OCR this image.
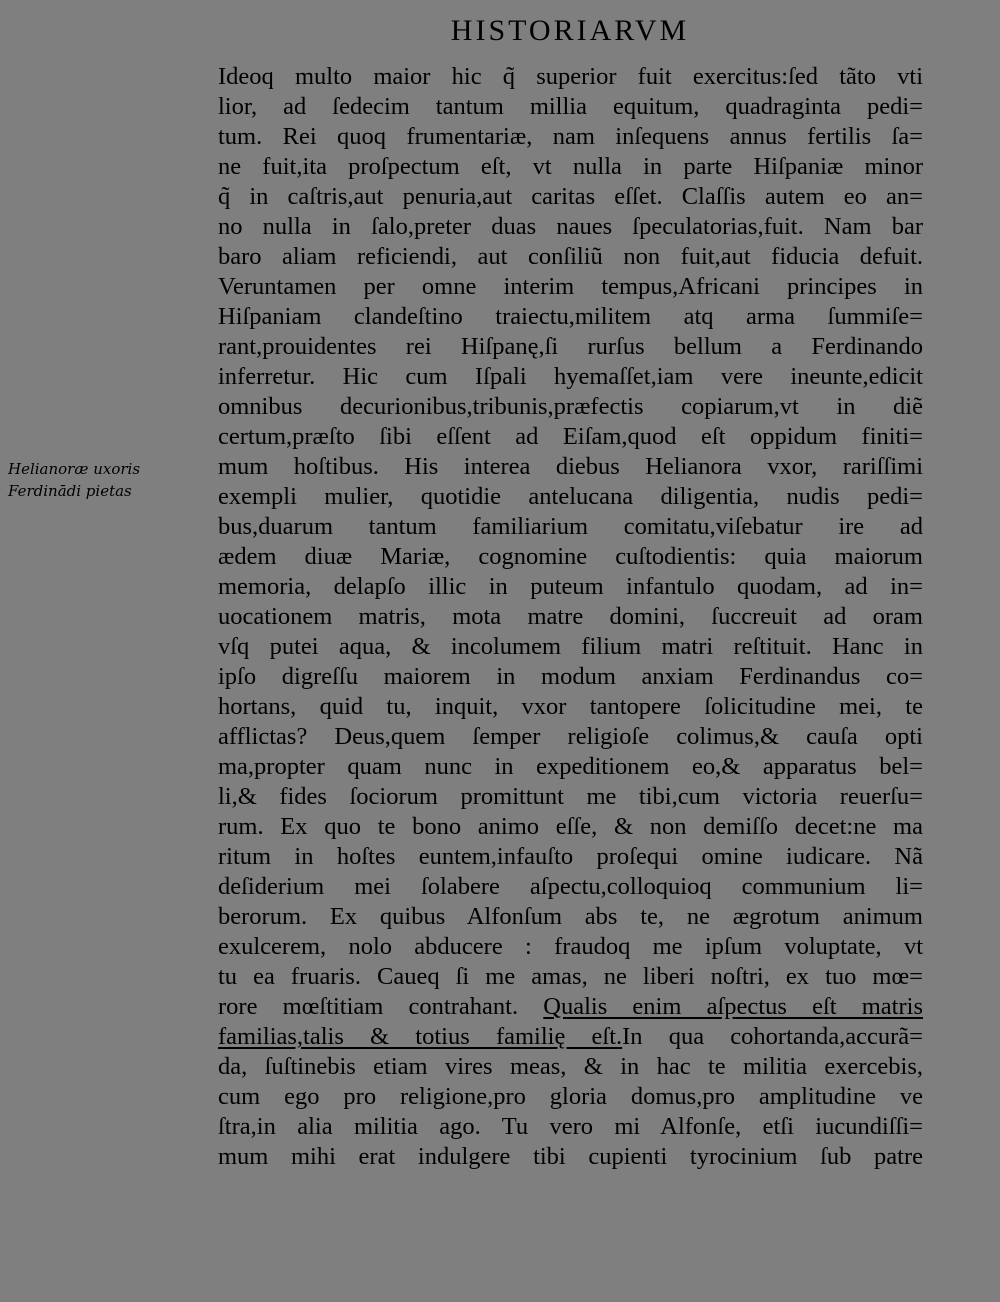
HISTORIARVM
Helianoræ uxoris
Ferdinādi pietas
Ideoq multo maior hic q̃ superior fuit exercitus:ſed tãto vti
lior, ad ſedecim tantum millia equitum, quadraginta pedi=
tum. Rei quoq frumentariæ, nam inſequens annus fertilis ſa=
ne fuit,ita proſpectum eſt, vt nulla in parte Hiſpaniæ minor
q̃ in caſtris,aut penuria,aut caritas eſſet. Claſſis autem eo an=
no nulla in ſalo,preter duas naues ſpeculatorias,fuit. Nam bar
baro aliam reficiendi, aut conſiliũ non fuit,aut fiducia defuit.
Veruntamen per omne interim tempus,Africani principes in
Hiſpaniam clandeſtino traiectu,militem atq arma ſummiſe=
rant,prouidentes rei Hiſpanę,ſi rurſus bellum a Ferdinando
inferretur. Hic cum Iſpali hyemaſſet,iam vere ineunte,edicit
omnibus decurionibus,tribunis,præfectis copiarum,vt in diẽ
certum,præſto ſibi eſſent ad Eiſam,quod eſt oppidum finiti=
mum hoſtibus. His interea diebus Helianora vxor, rariſſimi
exempli mulier, quotidie antelucana diligentia, nudis pedi=
bus,duarum tantum familiarium comitatu,viſebatur ire ad
ædem diuæ Mariæ, cognomine cuſtodientis: quia maiorum
memoria, delapſo illic in puteum infantulo quodam, ad in=
uocationem matris, mota matre domini, ſuccreuit ad oram
vſq putei aqua, & incolumem filium matri reſtituit. Hanc in
ipſo digreſſu maiorem in modum anxiam Ferdinandus co=
hortans, quid tu, inquit, vxor tantopere ſolicitudine mei, te
afflictas? Deus,quem ſemper religioſe colimus,& cauſa opti
ma,propter quam nunc in expeditionem eo,& apparatus bel=
li,& fides ſociorum promittunt me tibi,cum victoria reuerſu=
rum. Ex quo te bono animo eſſe, & non demiſſo decet:ne ma
ritum in hoſtes euntem,infauſto proſequi omine iudicare. Nã
deſiderium mei ſolabere aſpectu,colloquioq communium li=
berorum. Ex quibus Alfonſum abs te, ne ægrotum animum
exulcerem, nolo abducere : fraudoq me ipſum voluptate, vt
tu ea fruaris. Caueq ſi me amas, ne liberi noſtri, ex tuo mœ=
rore mœſtitiam contrahant. Qualis enim aſpectus eſt matris
familias,talis & totius familię eſt.In qua cohortanda,accurã=
da, ſuſtinebis etiam vires meas, & in hac te militia exercebis,
cum ego pro religione,pro gloria domus,pro amplitudine ve
ſtra,in alia militia ago. Tu vero mi Alfonſe, etſi iucundiſſi=
mum mihi erat indulgere tibi cupienti tyrocinium ſub patre
